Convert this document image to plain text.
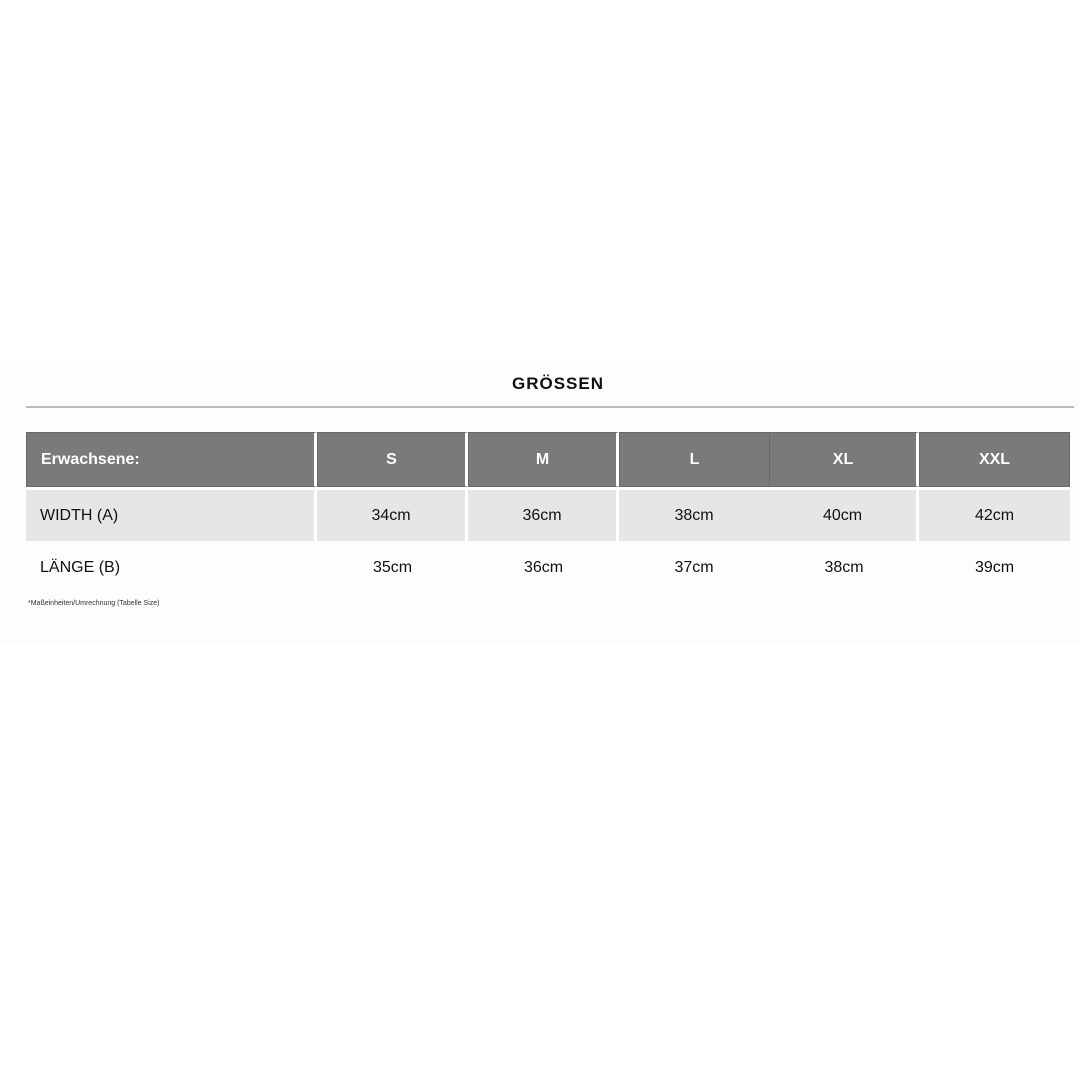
GRÖSSEN
Erwachsene:	S	M	L	XL	XXL
WIDTH (A)	34cm	36cm	38cm	40cm	42cm
LÄNGE (B)	35cm	36cm	37cm	38cm	39cm
*Maßeinheiten/Umrechnung (Tabelle Size)
